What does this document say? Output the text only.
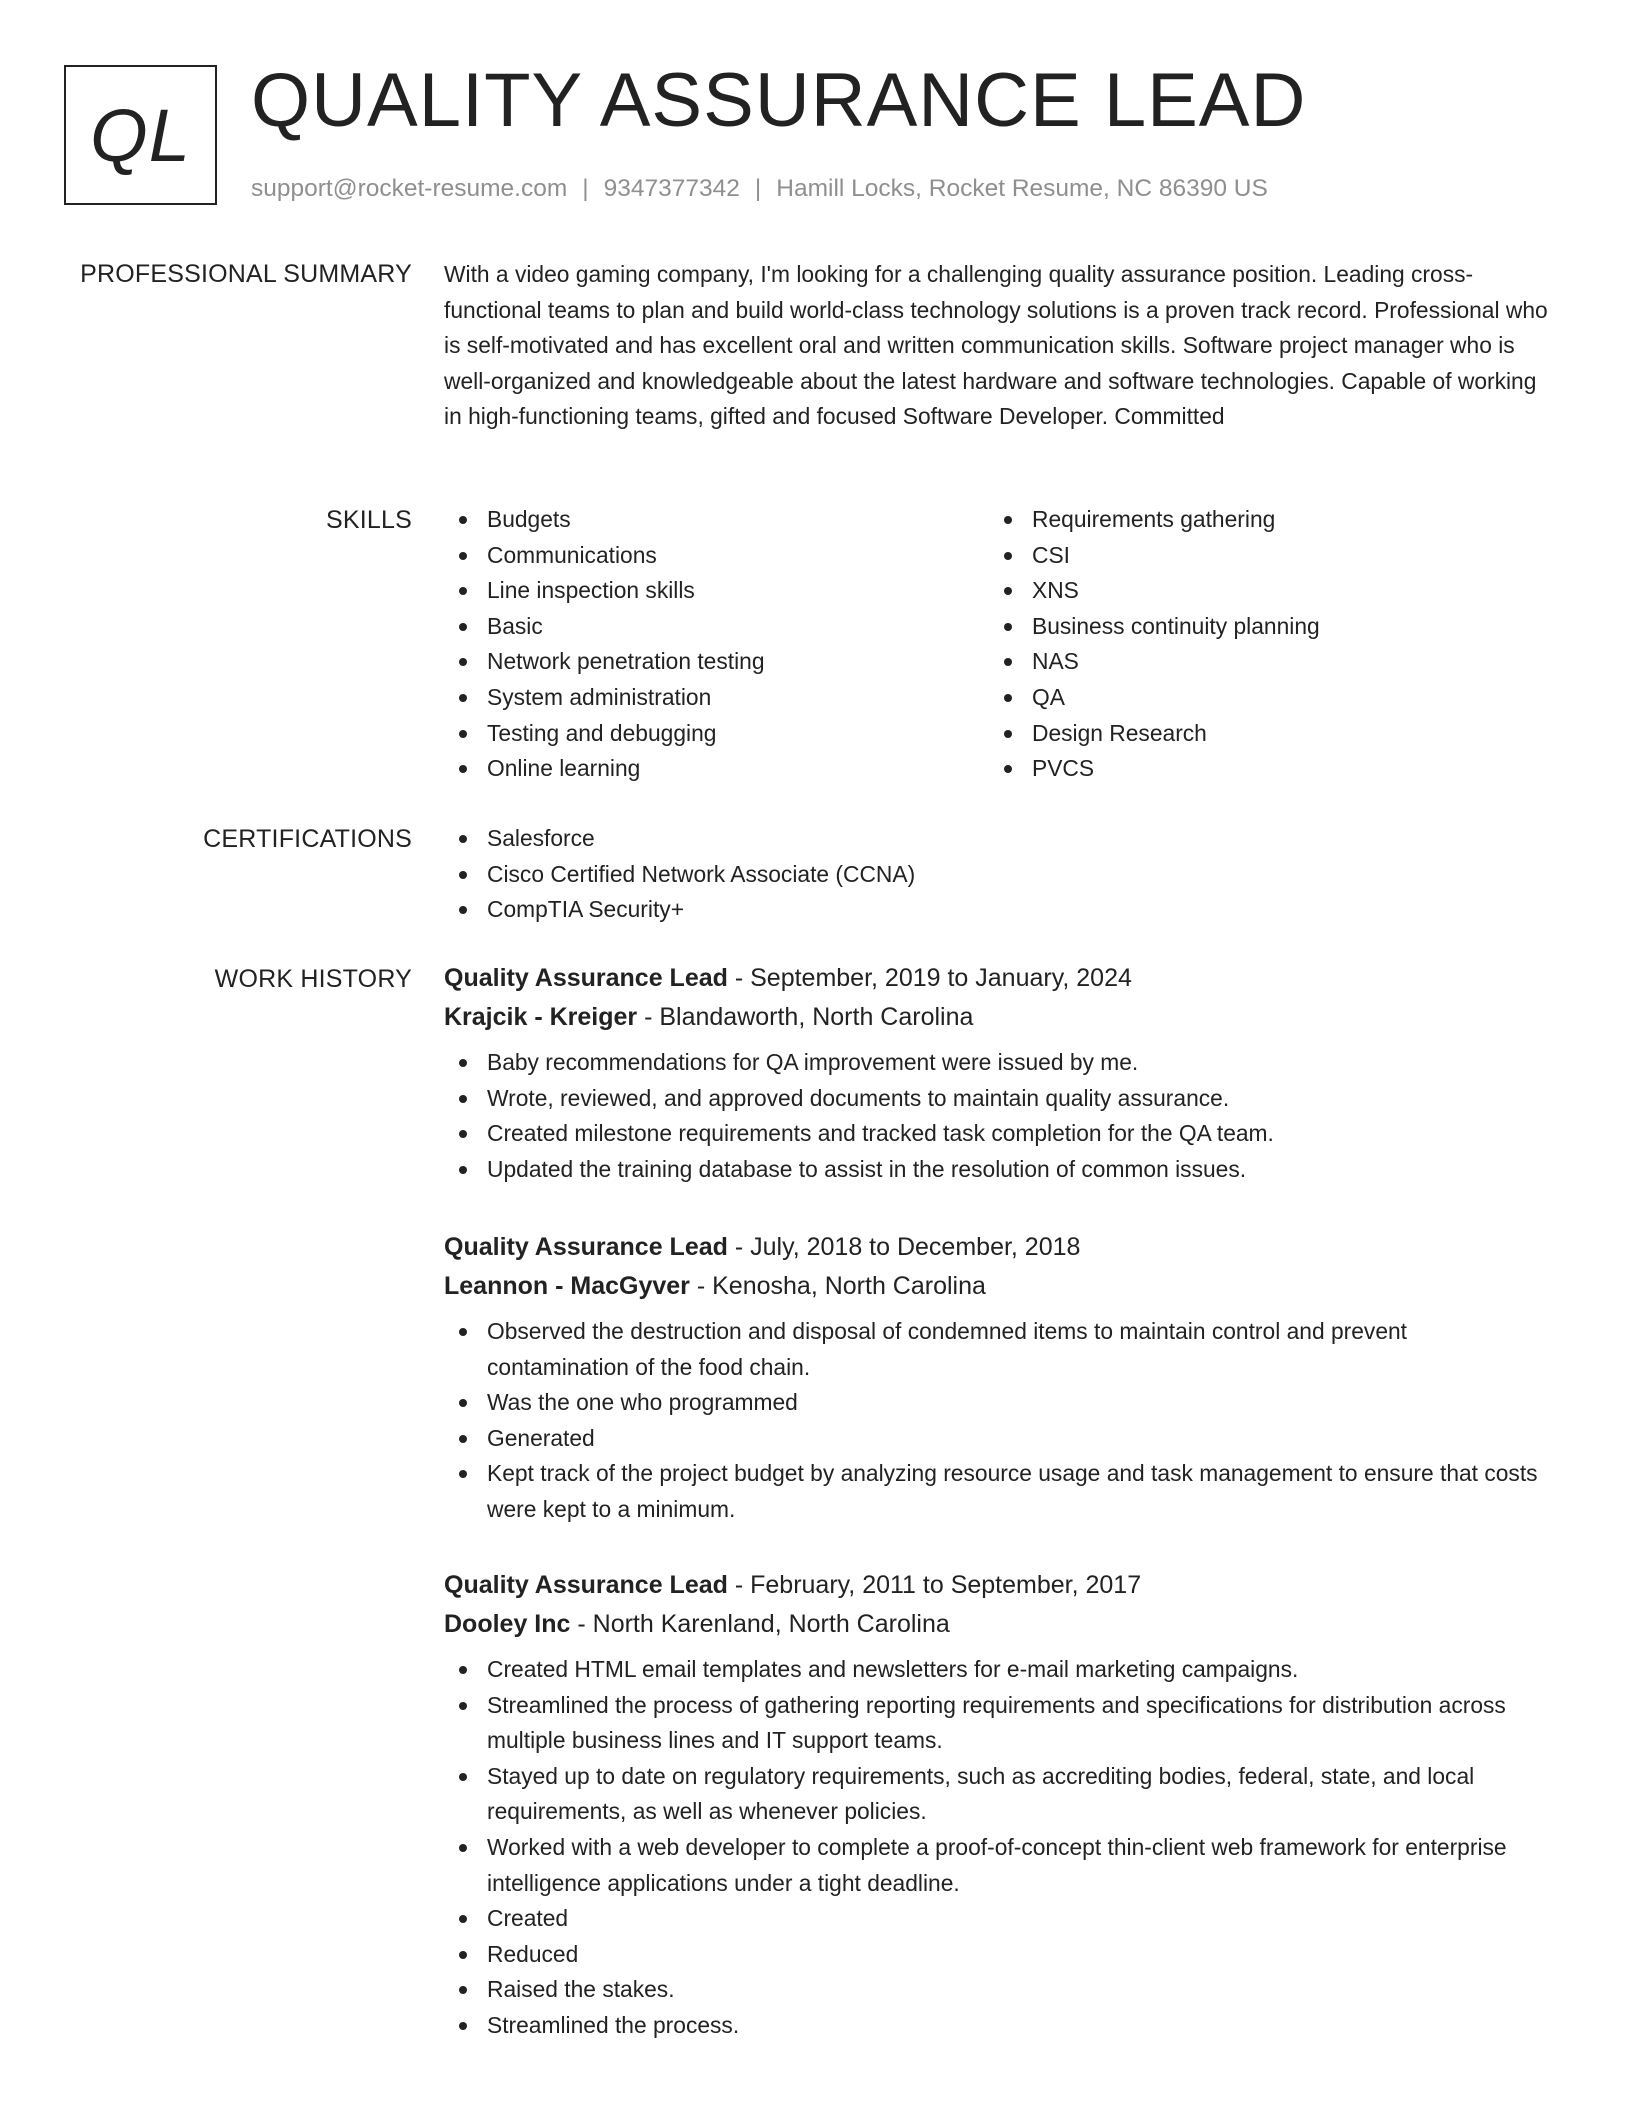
QL QUALITY ASSURANCE LEAD
support@rocket-resume.com | 9347377342 | Hamill Locks, Rocket Resume, NC 86390 US
PROFESSIONAL SUMMARY With a video gaming company, I'm looking for a challenging quality assurance position. Leading cross-functional teams to plan and build world-class technology solutions is a proven track record. Professional who is self-motivated and has excellent oral and written communication skills. Software project manager who is well-organized and knowledgeable about the latest hardware and software technologies. Capable of working in high-functioning teams, gifted and focused Software Developer. Committed

SKILLS	Budgets
Communications
Line inspection skills
Basic
Network penetration testing
System administration
Testing and debugging
Online learning
Requirements gathering
CSI
XNS
Business continuity planning
NAS
QA
Design Research
PVCS
CERTIFICATIONS	Salesforce
Cisco Certified Network Associate (CCNA)
CompTIA Security+
WORK HISTORY Quality Assurance Lead - September, 2019 to January, 2024
Krajcik - Kreiger - Blandaworth, North Carolina
Baby recommendations for QA improvement were issued by me.
Wrote, reviewed, and approved documents to maintain quality assurance.
Created milestone requirements and tracked task completion for the QA team.
Updated the training database to assist in the resolution of common issues.
Quality Assurance Lead - July, 2018 to December, 2018
Leannon - MacGyver - Kenosha, North Carolina
Observed the destruction and disposal of condemned items to maintain control and prevent contamination of the food chain.
Was the one who programmed
Generated
Kept track of the project budget by analyzing resource usage and task management to ensure that costs were kept to a minimum.
Quality Assurance Lead - February, 2011 to September, 2017
Dooley Inc - North Karenland, North Carolina
Created HTML email templates and newsletters for e-mail marketing campaigns.
Streamlined the process of gathering reporting requirements and specifications for distribution across multiple business lines and IT support teams.
Stayed up to date on regulatory requirements, such as accrediting bodies, federal, state, and local requirements, as well as whenever policies.
Worked with a web developer to complete a proof-of-concept thin-client web framework for enterprise intelligence applications under a tight deadline.
Created
Reduced
Raised the stakes.
Streamlined the process.
